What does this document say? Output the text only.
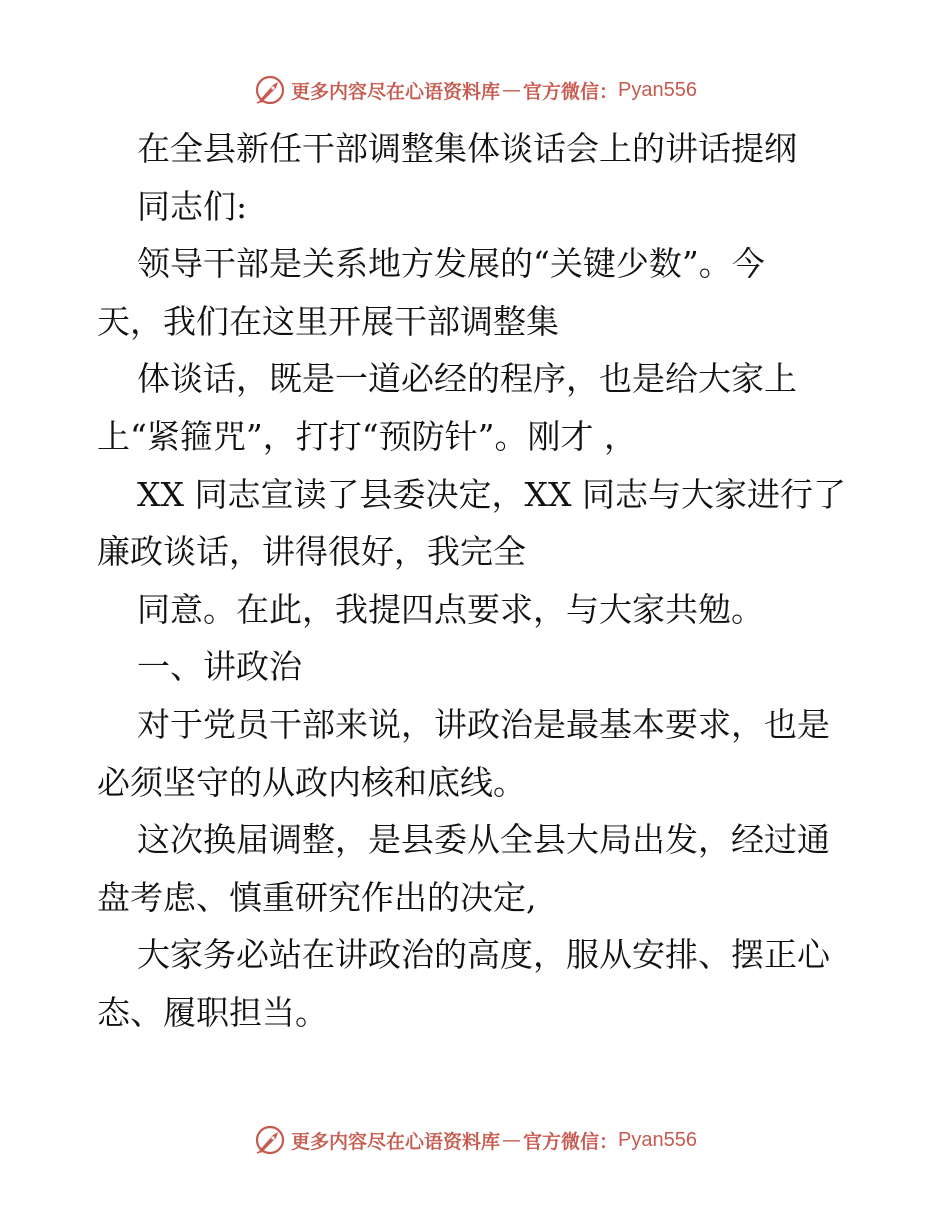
更多内容尽在心语资料库 — 官方微信： Pyan556
在全县新任干部调整集体谈话会上的讲话提纲
同志们:
领导干部是关系地方发展的“关键少数”。今
天，我们在这里开展干部调整集
体谈话，既是一道必经的程序，也是给大家上
上“紧箍咒”，打打“预防针”。刚才 ，
XX 同志宣读了县委决定，XX 同志与大家进行了
廉政谈话，讲得很好，我完全
同意。在此，我提四点要求，与大家共勉。
一、讲政治
对于党员干部来说，讲政治是最基本要求，也是
必须坚守的从政内核和底线。
这次换届调整，是县委从全县大局出发，经过通
盘考虑、慎重研究作出的决定,
大家务必站在讲政治的高度，服从安排、摆正心
态、履职担当。
更多内容尽在心语资料库 — 官方微信： Pyan556
